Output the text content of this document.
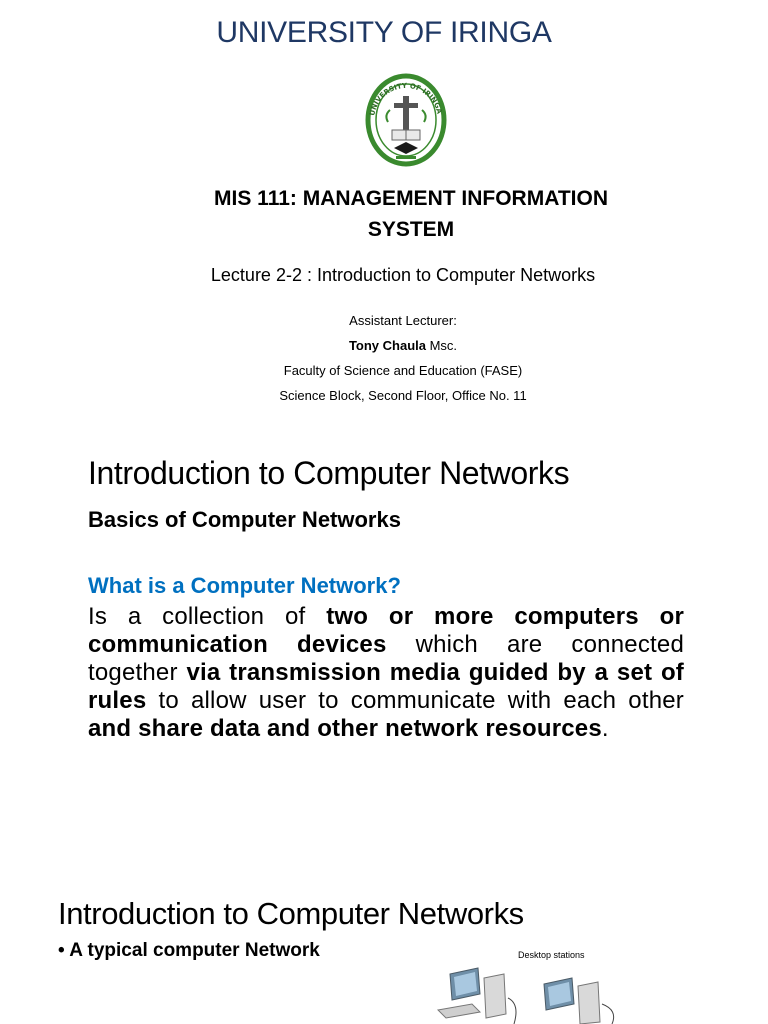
UNIVERSITY OF IRINGA
UNIVERSITY OF IRINGA
MIS 111: MANAGEMENT INFORMATION
SYSTEM
Lecture 2-2 : Introduction to Computer Networks
Assistant Lecturer:
Tony Chaula Msc.
Faculty of Science and Education (FASE)
Science Block, Second Floor, Office No. 11
Introduction to Computer Networks
Basics of Computer Networks
What is a Computer Network?
Is a collection of two or more computers or communication devices which are connected together via transmission media guided by a set of rules to allow user to communicate with each other and share data and other network resources.
Introduction to Computer Networks
• A typical computer Network	Desktop stations
